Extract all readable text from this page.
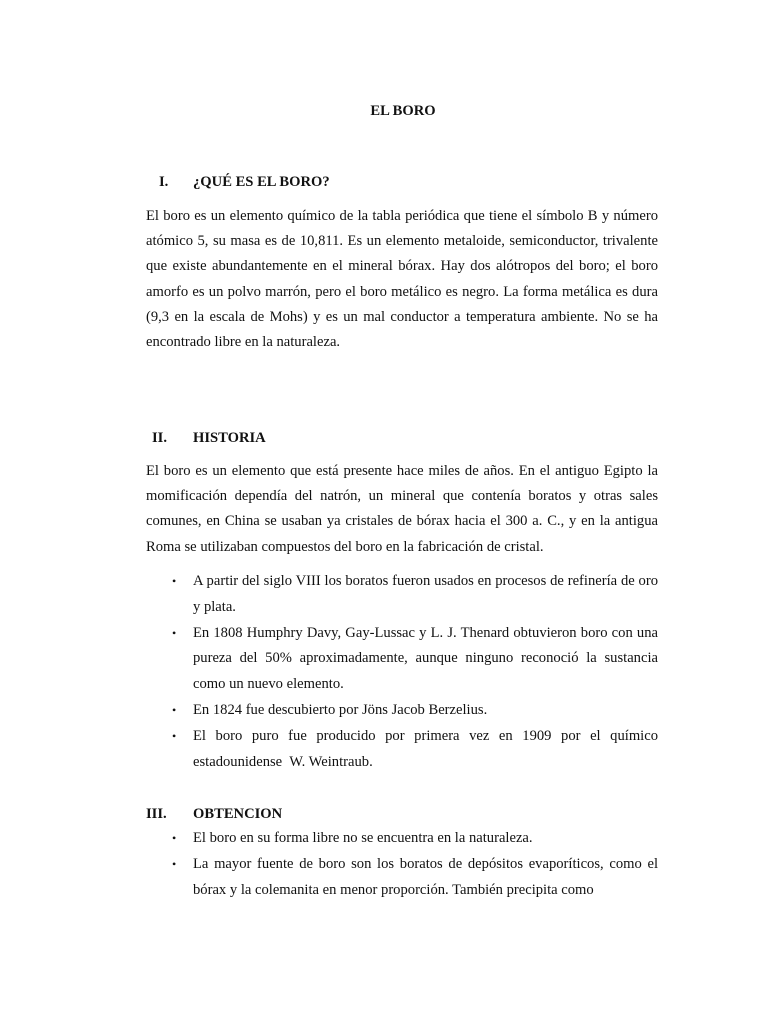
EL BORO
I. ¿QUÉ ES EL BORO?

El boro es un elemento químico de la tabla periódica que tiene el símbolo B y número atómico 5, su masa es de 10,811. Es un elemento metaloide, semiconductor, trivalente que existe abundantemente en el mineral bórax. Hay dos alótropos del boro; el boro amorfo es un polvo marrón, pero el boro metálico es negro. La forma metálica es dura (9,3 en la escala de Mohs) y es un mal conductor a temperatura ambiente. No se ha encontrado libre en la naturaleza.

II. HISTORIA

El boro es un elemento que está presente hace miles de años. En el antiguo Egipto la momificación dependía del natrón, un mineral que contenía boratos y otras sales comunes, en China se usaban ya cristales de bórax hacia el 300 a. C., y en la antigua Roma se utilizaban compuestos del boro en la fabricación de cristal.

• A partir del siglo VIII los boratos fueron usados en procesos de refinería de oro y plata.
• En 1808 Humphry Davy, Gay-Lussac y L. J. Thenard obtuvieron boro con una pureza del 50% aproximadamente, aunque ninguno reconoció la sustancia como un nuevo elemento.
• En 1824 fue descubierto por Jöns Jacob Berzelius.
• El boro puro fue producido por primera vez en 1909 por el químico estadounidense  W. Weintraub.
III. OBTENCION
• El boro en su forma libre no se encuentra en la naturaleza.
• La mayor fuente de boro son los boratos de depósitos evaporíticos, como el bórax y la colemanita en menor proporción. También precipita como
